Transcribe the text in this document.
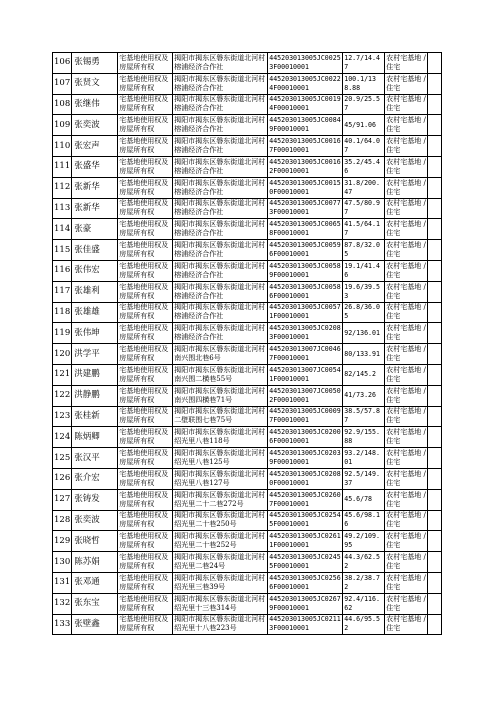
106	张锡勇	宅基地使用权及房屋所有权	揭阳市揭东区磐东街道北河村榕浦经济合作社	445203013005JC00253F00010001	12.7/14.47	农村宅基地 / 住宅	
107	张贤文	宅基地使用权及房屋所有权	揭阳市揭东区磐东街道北河村榕浦经济合作社	445203013005JC00224F00010001	100.1/138.88	农村宅基地 / 住宅	
108	张继伟	宅基地使用权及房屋所有权	揭阳市揭东区磐东街道北河村榕浦经济合作社	445203013005JC00194F00010001	20.9/25.57	农村宅基地 / 住宅	
109	张奕波	宅基地使用权及房屋所有权	揭阳市揭东区磐东街道北河村榕浦经济合作社	445203013005JC00849F00010001	45/91.06	农村宅基地 / 住宅	
110	张宏声	宅基地使用权及房屋所有权	揭阳市揭东区磐东街道北河村榕浦经济合作社	445203013005JC00167F00010001	40.1/64.07	农村宅基地 / 住宅	
111	张盛华	宅基地使用权及房屋所有权	揭阳市揭东区磐东街道北河村榕浦经济合作社	445203013005JC00162F00010001	35.2/45.46	农村宅基地 / 住宅	
112	张新华	宅基地使用权及房屋所有权	揭阳市揭东区磐东街道北河村榕浦经济合作社	445203013005JC00150F00010001	31.8/200.47	农村宅基地 / 住宅	
113	张新华	宅基地使用权及房屋所有权	揭阳市揭东区磐东街道北河村榕浦经济合作社	445203013005JC00773F00010001	47.5/80.97	农村宅基地 / 住宅	
114	张豪	宅基地使用权及房屋所有权	揭阳市揭东区磐东街道北河村榕浦经济合作社	445203013005JC00658F00010001	41.5/64.17	农村宅基地 / 住宅	
115	张佳盛	宅基地使用权及房屋所有权	揭阳市揭东区磐东街道北河村榕浦经济合作社	445203013005JC00596F00010001	87.8/32.05	农村宅基地 / 住宅	
116	张伟宏	宅基地使用权及房屋所有权	揭阳市揭东区磐东街道北河村榕浦经济合作社	445203013005JC00589F00010001	19.1/41.46	农村宅基地 / 住宅	
117	张雄利	宅基地使用权及房屋所有权	揭阳市揭东区磐东街道北河村榕浦经济合作社	445203013005JC00586F00010001	19.6/39.53	农村宅基地 / 住宅	
118	张雄雄	宅基地使用权及房屋所有权	揭阳市揭东区磐东街道北河村榕浦经济合作社	445203013005JC00571F00010001	26.8/36.05	农村宅基地 / 住宅	
119	张伟坤	宅基地使用权及房屋所有权	揭阳市揭东区磐东街道北河村榕浦经济合作社	445203013005JC02083F00010001	92/136.01	农村宅基地 / 住宅	
120	洪学平	宅基地使用权及房屋所有权	揭阳市揭东区磐东街道北河村南兴围北巷6号	445203013007JC00467F00010001	80/133.91	农村宅基地 / 住宅	
121	洪建鹏	宅基地使用权及房屋所有权	揭阳市揭东区磐东街道北河村南兴围二横巷55号	445203013007JC00541F00010001	82/145.2	农村宅基地 / 住宅	
122	洪静鹏	宅基地使用权及房屋所有权	揭阳市揭东区磐东街道北河村南兴围四横巷71号	445203013007JC00502F00010001	41/73.26	农村宅基地 / 住宅	
123	张桂新	宅基地使用权及房屋所有权	揭阳市揭东区磐东街道北河村二壁联围七巷75号	445203013005JC00097F00010001	38.5/57.87	农村宅基地 / 住宅	
124	陈炳卿	宅基地使用权及房屋所有权	揭阳市揭东区磐东街道北河村绍光里八巷118号	445203013005JC02006F00010001	92.9/155.88	农村宅基地 / 住宅	
125	张汉平	宅基地使用权及房屋所有权	揭阳市揭东区磐东街道北河村绍光里八巷125号	445203013005JC02039F00010001	93.2/148.01	农村宅基地 / 住宅	
126	张介宏	宅基地使用权及房屋所有权	揭阳市揭东区磐东街道北河村绍光里八巷127号	445203013005JC02080F00010001	92.5/149.37	农村宅基地 / 住宅	
127	张铸发	宅基地使用权及房屋所有权	揭阳市揭东区磐东街道北河村绍光里二十二巷272号	445203013005JC02607F00010001	45.6/78	农村宅基地 / 住宅	
128	张奕波	宅基地使用权及房屋所有权	揭阳市揭东区磐东街道北河村绍光里二十巷250号	445203013005JC02545F00010001	45.6/98.16	农村宅基地 / 住宅	
129	张晓哲	宅基地使用权及房屋所有权	揭阳市揭东区磐东街道北河村绍光里二十巷252号	445203013005JC02611F00010001	49.2/109.95	农村宅基地 / 住宅	
130	陈苏娟	宅基地使用权及房屋所有权	揭阳市揭东区磐东街道北河村绍光里二巷24号	445203013005JC02455F00010001	44.3/62.52	农村宅基地 / 住宅	
131	张邓通	宅基地使用权及房屋所有权	揭阳市揭东区磐东街道北河村绍光里三巷39号	445203013005JC02566F00010001	38.2/38.72	农村宅基地 / 住宅	
132	张东宝	宅基地使用权及房屋所有权	揭阳市揭东区磐东街道北河村绍光里十三巷314号	445203013005JC02679F00010001	92.4/116.62	农村宅基地 / 住宅	
133	张壁鑫	宅基地使用权及房屋所有权	揭阳市揭东区磐东街道北河村绍光里十八巷223号	445203013005JC02113F00010001	44.6/95.52	农村宅基地 / 住宅	
